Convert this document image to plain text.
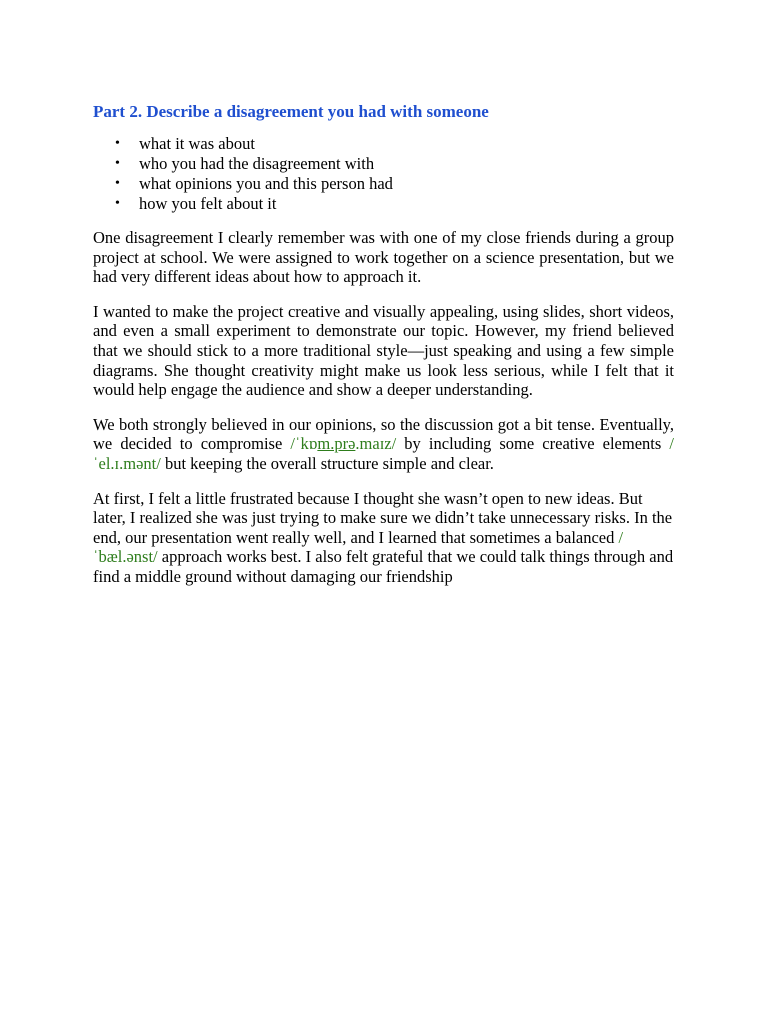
Part 2. Describe a disagreement you had with someone
• what it was about
• who you had the disagreement with
• what opinions you and this person had
• how you felt about it

One disagreement I clearly remember was with one of my close friends during a group project at school. We were assigned to work together on a science presentation, but we had very different ideas about how to approach it.

I wanted to make the project creative and visually appealing, using slides, short videos, and even a small experiment to demonstrate our topic. However, my friend believed that we should stick to a more traditional style—just speaking and using a few simple diagrams. She thought creativity might make us look less serious, while I felt that it would help engage the audience and show a deeper understanding.

We both strongly believed in our opinions, so the discussion got a bit tense. Eventually, we decided to compromise /ˈkɒm.prə.maɪz/ by including some creative elements /ˈel.ɪ.mənt/ but keeping the overall structure simple and clear.

At first, I felt a little frustrated because I thought she wasn’t open to new ideas. But later, I realized she was just trying to make sure we didn’t take unnecessary risks. In the end, our presentation went really well, and I learned that sometimes a balanced /ˈbæl.ənst/ approach works best. I also felt grateful that we could talk things through and find a middle ground without damaging our friendship
